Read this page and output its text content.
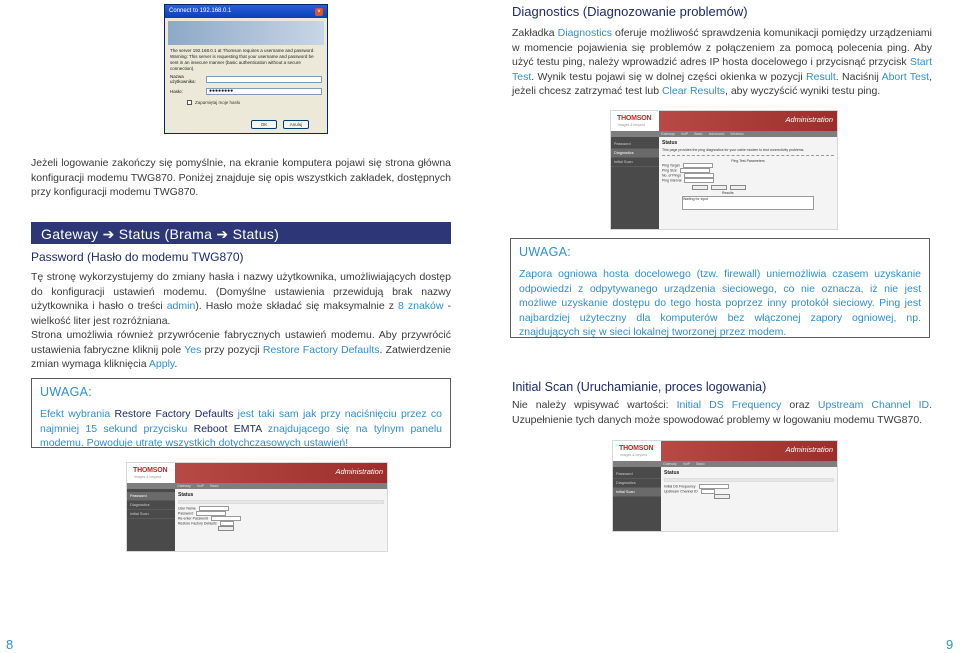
Connect to 192.168.0.1	×
The server 192.168.0.1 at Thomson requires a username and password. Warning: This server is requesting that your username and password be sent in an insecure manner (basic authentication without a secure connection).
Nazwa użytkownika:
Hasło:	●●●●●●●●
Zapamiętaj moje hasło
OK	Anuluj
Diagnostics (Diagnozowanie problemów)

Zakładka Diagnostics oferuje możliwość sprawdzenia komunikacji pomiędzy urządzeniami w momencie pojawienia się problemów z połączeniem za pomocą polecenia ping. Aby użyć testu ping, należy wprowadzić adres IP hosta docelowego i przycisnąć przycisk Start Test. Wynik testu pojawi się w dolnej części okienka w pozycji Result. Naciśnij Abort Test, jeżeli chcesz zatrzymać test lub Clear Results, aby wyczyścić wyniki testu ping.

THOMSON
images & beyond
Administration
Gateway VoIP Basic Advanced Wireless
Password
Diagnostics
Initial Scan
Status
This page provides the ping diagnostics for your cable modem to test connectivity problems.
Ping Test Parameters
Ping Target
Ping Size
No. of Pings
Ping Interval

Results
Waiting for input
Jeżeli logowanie zakończy się pomyślnie, na ekranie komputera pojawi się strona główna konfiguracji modemu TWG870. Poniżej znajduje się opis wszystkich zakładek, dostępnych przy konfiguracji modemu TWG870.
Gateway ➔ Status (Brama ➔ Status)
Password (Hasło do modemu TWG870)

Tę stronę wykorzystujemy do zmiany hasła i nazwy użytkownika, umożliwiających dostęp do konfiguracji ustawień modemu. (Domyślne ustawienia przewidują brak nazwy użytkownika i hasło o treści admin). Hasło może składać się maksymalnie z 8 znaków - wielkość liter jest rozróżniana.

Strona umożliwia również przywrócenie fabrycznych ustawień modemu. Aby przywrócić ustawienia fabryczne kliknij pole Yes przy pozycji Restore Factory Defaults. Zatwierdzenie zmian wymaga kliknięcia Apply.

UWAGA:

Efekt wybrania Restore Factory Defaults jest taki sam jak przy naciśnięciu przez co najmniej 15 sekund przycisku Reboot EMTA znajdującego się na tylnym panelu modemu. Powoduje utratę wszystkich dotychczasowych ustawień!

UWAGA:

Zapora ogniowa hosta docelowego (tzw. firewall) uniemożliwia czasem uzyskanie odpowiedzi z odpytywanego urządzenia sieciowego, co nie oznacza, iż nie jest możliwe uzyskanie dostępu do tego hosta poprzez inny protokół sieciowy. Ping jest najbardziej użyteczny dla komputerów bez włączonej zapory ogniowej, np. znajdujących się w sieci lokalnej tworzonej przez modem.

Initial Scan (Uruchamianie, proces logowania)

Nie należy wpisywać wartości: Initial DS Frequency oraz Upstream Channel ID. Uzupełnienie tych danych może spowodować problemy w logowaniu modemu TWG870.

THOMSON
images & beyond
Administration
Gateway VoIP Basic
Password
Diagnostics
Initial Scan
Status
User Name
Password
Re-enter Password
Restore Factory Defaults
THOMSON
images & beyond
Administration
Gateway VoIP Basic
Password
Diagnostics
Initial Scan
Status
Initial DS Frequency
Upstream Channel ID
8	9
